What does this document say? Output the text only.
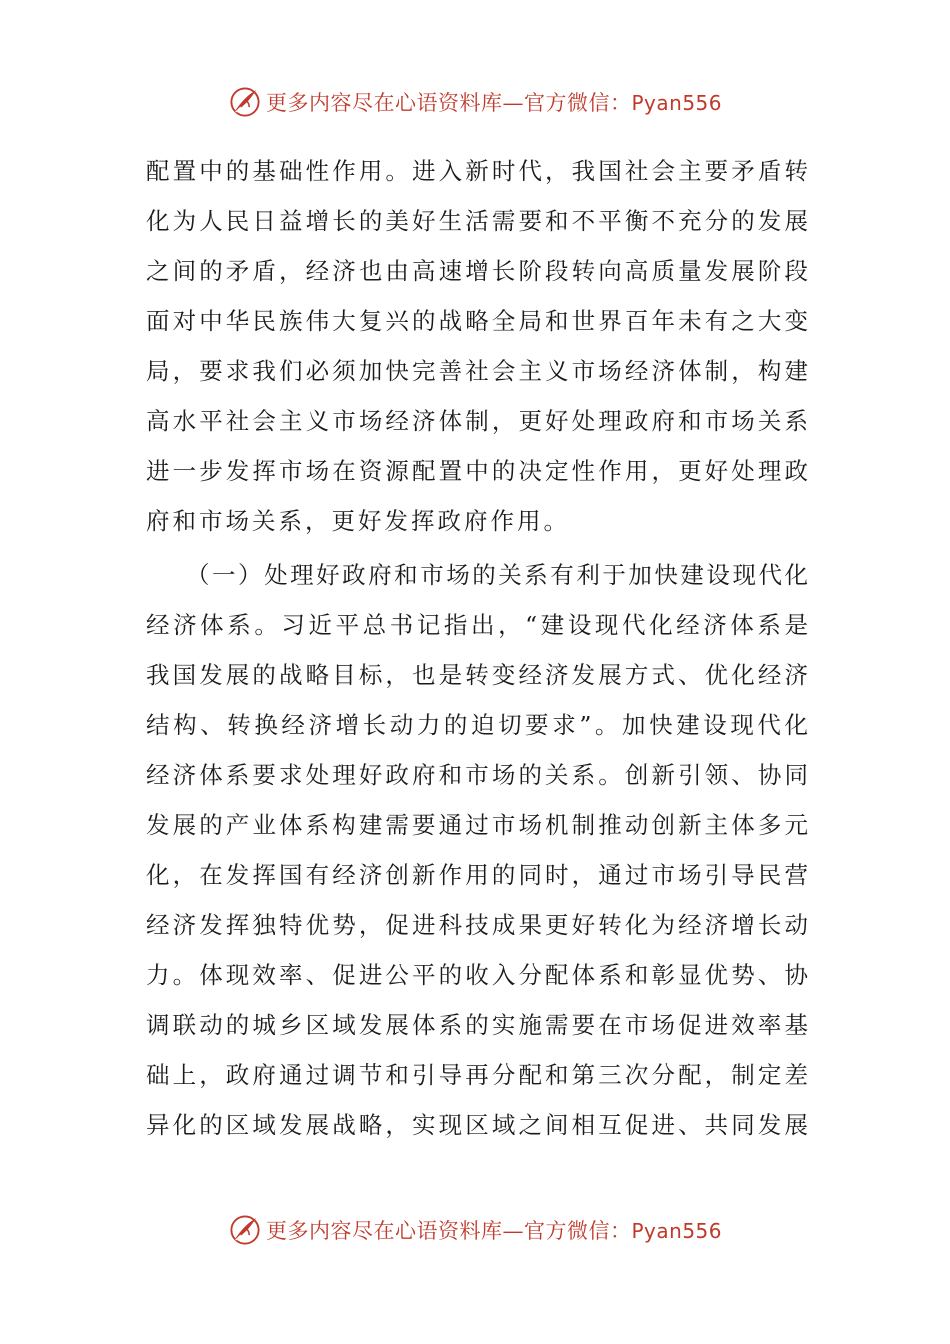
更多内容尽在心语资料库—官方微信：Pyan556
配置中的基础性作用。进入新时代，我国社会主要矛盾转
化为人民日益增长的美好生活需要和不平衡不充分的发展
之间的矛盾，经济也由高速增长阶段转向高质量发展阶段
面对中华民族伟大复兴的战略全局和世界百年未有之大变
局，要求我们必须加快完善社会主义市场经济体制，构建
高水平社会主义市场经济体制，更好处理政府和市场关系
进一步发挥市场在资源配置中的决定性作用，更好处理政
府和市场关系，更好发挥政府作用。
（一）处理好政府和市场的关系有利于加快建设现代化
经济体系。习近平总书记指出，“建设现代化经济体系是
我国发展的战略目标，也是转变经济发展方式、优化经济
结构、转换经济增长动力的迫切要求”。加快建设现代化
经济体系要求处理好政府和市场的关系。创新引领、协同
发展的产业体系构建需要通过市场机制推动创新主体多元
化，在发挥国有经济创新作用的同时，通过市场引导民营
经济发挥独特优势，促进科技成果更好转化为经济增长动
力。体现效率、促进公平的收入分配体系和彰显优势、协
调联动的城乡区域发展体系的实施需要在市场促进效率基
础上，政府通过调节和引导再分配和第三次分配，制定差
异化的区域发展战略，实现区域之间相互促进、共同发展
更多内容尽在心语资料库—官方微信：Pyan556
